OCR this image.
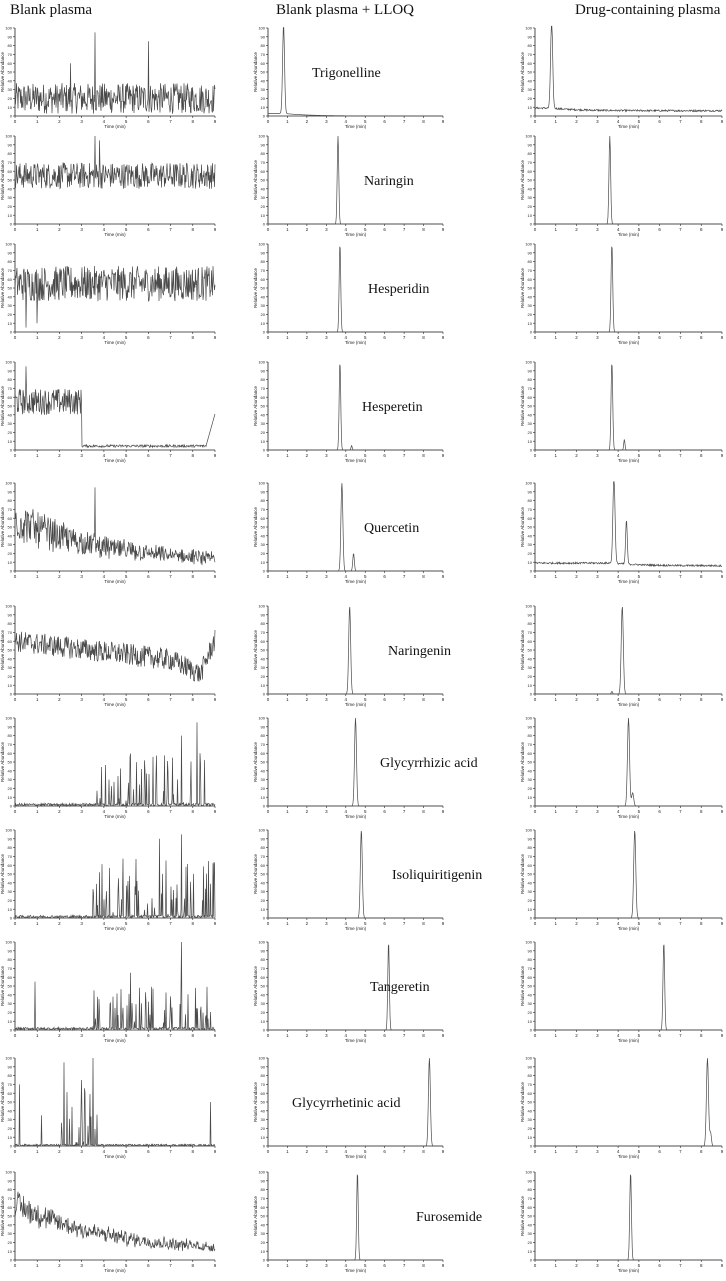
Blank plasma	Blank plasma + LLOQ	Drug-containing plasma
0
10
20
30
40
50
60
70
80
90
100
0	1	2	3	4	5	6	7	8	9
Relative Abundance
Time (min)
0
10
20
30
40
50
60
70
80
90
100
0	1	2	3	4	5	6	7	8	9
Relative Abundance
Time (min)
0
10
20
30
40
50
60
70
80
90
100
0	1	2	3	4	5	6	7	8	9
Relative Abundance
Time (min)
0
10
20
30
40
50
60
70
80
90
100
0	1	2	3	4	5	6	7	8	9
Relative Abundance
Time (min)
0
10
20
30
40
50
60
70
80
90
100
0	1	2	3	4	5	6	7	8	9
Relative Abundance
Time (min)
0
10
20
30
40
50
60
70
80
90
100
0	1	2	3	4	5	6	7	8	9
Relative Abundance
Time (min)
0
10
20
30
40
50
60
70
80
90
100
0	1	2	3	4	5	6	7	8	9
Relative Abundance
Time (min)
0
10
20
30
40
50
60
70
80
90
100
0	1	2	3	4	5	6	7	8	9
Relative Abundance
Time (min)
0
10
20
30
40
50
60
70
80
90
100
0	1	2	3	4	5	6	7	8	9
Relative Abundance
Time (min)
0
10
20
30
40
50
60
70
80
90
100
0	1	2	3	4	5	6	7	8	9
Relative Abundance
Time (min)
0
10
20
30
40
50
60
70
80
90
100
0	1	2	3	4	5	6	7	8	9
Relative Abundance
Time (min)
0
10
20
30
40
50
60
70
80
90
100
0	1	2	3	4	5	6	7	8	9
Relative Abundance
Time (min)
0
10
20
30
40
50
60
70
80
90
100
0	1	2	3	4	5	6	7	8	9
Relative Abundance
Time (min)
0
10
20
30
40
50
60
70
80
90
100
0	1	2	3	4	5	6	7	8	9
Relative Abundance
Time (min)
0
10
20
30
40
50
60
70
80
90
100
0	1	2	3	4	5	6	7	8	9
Relative Abundance
Time (min)
0
10
20
30
40
50
60
70
80
90
100
0	1	2	3	4	5	6	7	8	9
Relative Abundance
Time (min)
0
10
20
30
40
50
60
70
80
90
100
0	1	2	3	4	5	6	7	8	9
Relative Abundance
Time (min)
0
10
20
30
40
50
60
70
80
90
100
0	1	2	3	4	5	6	7	8	9
Relative Abundance
Time (min)
0
10
20
30
40
50
60
70
80
90
100
0	1	2	3	4	5	6	7	8	9
Relative Abundance
Time (min)
0
10
20
30
40
50
60
70
80
90
100
0	1	2	3	4	5	6	7	8	9
Relative Abundance
Time (min)
0
10
20
30
40
50
60
70
80
90
100
0	1	2	3	4	5	6	7	8	9
Relative Abundance
Time (min)
0
10
20
30
40
50
60
70
80
90
100
0	1	2	3	4	5	6	7	8	9
Relative Abundance
Time (min)
0
10
20
30
40
50
60
70
80
90
100
0	1	2	3	4	5	6	7	8	9
Relative Abundance
Time (min)
0
10
20
30
40
50
60
70
80
90
100
0	1	2	3	4	5	6	7	8	9
Relative Abundance
Time (min)
0
10
20
30
40
50
60
70
80
90
100
0	1	2	3	4	5	6	7	8	9
Relative Abundance
Time (min)
0
10
20
30
40
50
60
70
80
90
100
0	1	2	3	4	5	6	7	8	9
Relative Abundance
Time (min)
0
10
20
30
40
50
60
70
80
90
100
0	1	2	3	4	5	6	7	8	9
Relative Abundance
Time (min)
0
10
20
30
40
50
60
70
80
90
100
0	1	2	3	4	5	6	7	8	9
Relative Abundance
Time (min)
0
10
20
30
40
50
60
70
80
90
100
0	1	2	3	4	5	6	7	8	9
Relative Abundance
Time (min)
0
10
20
30
40
50
60
70
80
90
100
0	1	2	3	4	5	6	7	8	9
Relative Abundance
Time (min)
0
10
20
30
40
50
60
70
80
90
100
0	1	2	3	4	5	6	7	8	9
Relative Abundance
Time (min)
0
10
20
30
40
50
60
70
80
90
100
0	1	2	3	4	5	6	7	8	9
Relative Abundance
Time (min)
0
10
20
30
40
50
60
70
80
90
100
0	1	2	3	4	5	6	7	8	9
Relative Abundance
Time (min)
Trigonelline
Naringin
Hesperidin
Hesperetin
Quercetin
Naringenin
Glycyrrhizic acid
Isoliquiritigenin
Tangeretin
Glycyrrhetinic acid
Furosemide
